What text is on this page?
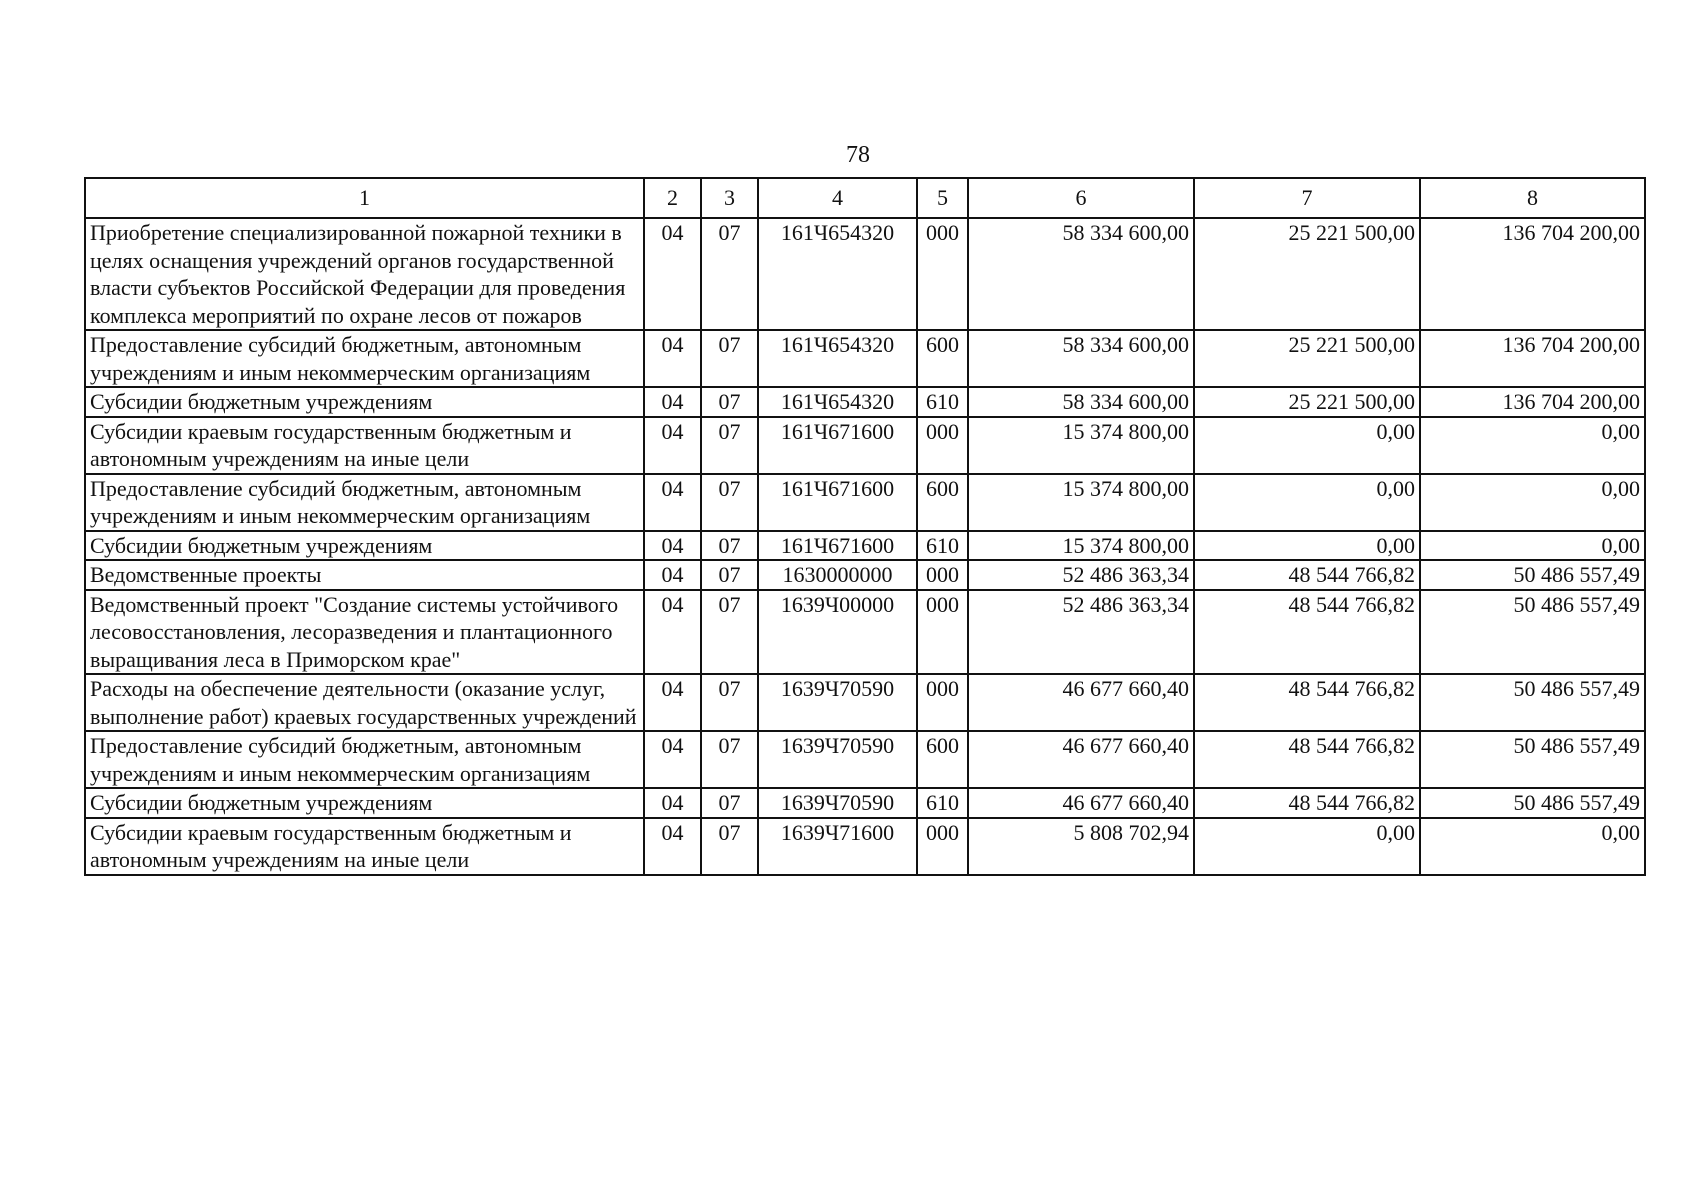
78
1	2	3	4	5	6	7	8
Приобретение специализированной пожарной техники в целях оснащения учреждений органов государственной власти субъектов Российской Федерации для проведения комплекса мероприятий по охране лесов от пожаров	04	07	161Ч654320	000	58 334 600,00	25 221 500,00	136 704 200,00
Предоставление субсидий бюджетным, автономным учреждениям и иным некоммерческим организациям	04	07	161Ч654320	600	58 334 600,00	25 221 500,00	136 704 200,00
Субсидии бюджетным учреждениям	04	07	161Ч654320	610	58 334 600,00	25 221 500,00	136 704 200,00
Субсидии краевым государственным бюджетным и автономным учреждениям на иные цели	04	07	161Ч671600	000	15 374 800,00	0,00	0,00
Предоставление субсидий бюджетным, автономным учреждениям и иным некоммерческим организациям	04	07	161Ч671600	600	15 374 800,00	0,00	0,00
Субсидии бюджетным учреждениям	04	07	161Ч671600	610	15 374 800,00	0,00	0,00
Ведомственные проекты	04	07	1630000000	000	52 486 363,34	48 544 766,82	50 486 557,49
Ведомственный проект "Создание системы устойчивого лесовосстановления, лесоразведения и плантационного выращивания леса в Приморском крае"	04	07	1639Ч00000	000	52 486 363,34	48 544 766,82	50 486 557,49
Расходы на обеспечение деятельности (оказание услуг, выполнение работ) краевых государственных учреждений	04	07	1639Ч70590	000	46 677 660,40	48 544 766,82	50 486 557,49
Предоставление субсидий бюджетным, автономным учреждениям и иным некоммерческим организациям	04	07	1639Ч70590	600	46 677 660,40	48 544 766,82	50 486 557,49
Субсидии бюджетным учреждениям	04	07	1639Ч70590	610	46 677 660,40	48 544 766,82	50 486 557,49
Субсидии краевым государственным бюджетным и автономным учреждениям на иные цели	04	07	1639Ч71600	000	5 808 702,94	0,00	0,00
